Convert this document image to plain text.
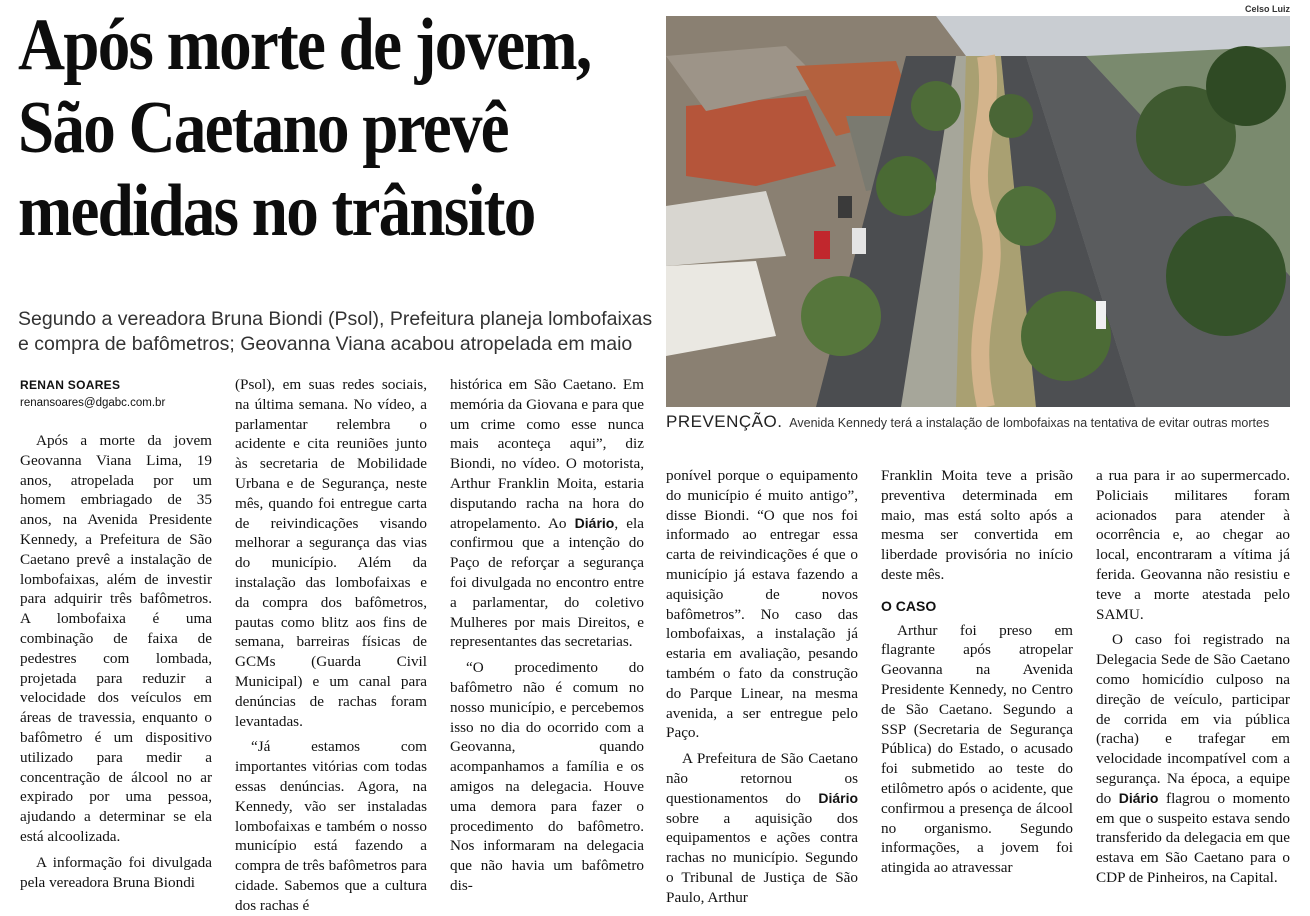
Após morte de jovem,
São Caetano prevê
medidas no trânsito
Segundo a vereadora Bruna Biondi (Psol), Prefeitura planeja lombofaixas
e compra de bafômetros; Geovanna Viana acabou atropelada em maio
RENAN SOARES
renansoares@dgabc.com.br
Celso Luiz
PREVENÇÃO. Avenida Kennedy terá a instalação de lombofaixas na tentativa de evitar outras mortes

Após a morte da jovem Geovanna Viana Lima, 19 anos, atropelada por um homem embriagado de 35 anos, na Avenida Presidente Kennedy, a Prefeitura de São Caetano prevê a instalação de lombofaixas, além de investir para adquirir três bafômetros. A lombofaixa é uma combinação de faixa de pedestres com lombada, projetada para reduzir a velocidade dos veículos em áreas de travessia, enquanto o bafômetro é um dispositivo utilizado para medir a concentração de álcool no ar expirado por uma pessoa, ajudando a determinar se ela está alcoolizada.

A informação foi divulgada pela vereadora Bruna Biondi

(Psol), em suas redes sociais, na última semana. No vídeo, a parlamentar relembra o acidente e cita reuniões junto às secretaria de Mobilidade Urbana e de Segurança, neste mês, quando foi entregue carta de reivindicações visando melhorar a segurança das vias do município. Além da instalação das lombofaixas e da compra dos bafômetros, pautas como blitz aos fins de semana, barreiras físicas de GCMs (Guarda Civil Municipal) e um canal para denúncias de rachas foram levantadas.

“Já estamos com importantes vitórias com todas essas denúncias. Agora, na Kennedy, vão ser instaladas lombofaixas e também o nosso município está fazendo a compra de três bafômetros para cidade. Sabemos que a cultura dos rachas é

histórica em São Caetano. Em memória da Giovana e para que um crime como esse nunca mais aconteça aqui”, diz Biondi, no vídeo. O motorista, Arthur Franklin Moita, estaria disputando racha na hora do atropelamento. Ao Diário, ela confirmou que a intenção do Paço de reforçar a segurança foi divulgada no encontro entre a parlamentar, do coletivo Mulheres por mais Direitos, e representantes das secretarias.

“O procedimento do bafômetro não é comum no nosso município, e percebemos isso no dia do ocorrido com a Geovanna, quando acompanhamos a família e os amigos na delegacia. Houve uma demora para fazer o procedimento do bafômetro. Nos informaram na delegacia que não havia um bafômetro dis-

ponível porque o equipamento do município é muito antigo”, disse Biondi. “O que nos foi informado ao entregar essa carta de reivindicações é que o município já estava fazendo a aquisição de novos bafômetros”. No caso das lombofaixas, a instalação já estaria em avaliação, pesando também o fato da construção do Parque Linear, na mesma avenida, a ser entregue pelo Paço.

A Prefeitura de São Caetano não retornou os questionamentos do Diário sobre a aquisição dos equipamentos e ações contra rachas no município. Segundo o Tribunal de Justiça de São Paulo, Arthur

Franklin Moita teve a prisão preventiva determinada em maio, mas está solto após a mesma ser convertida em liberdade provisória no início deste mês.

O CASO

Arthur foi preso em flagrante após atropelar Geovanna na Avenida Presidente Kennedy, no Centro de São Caetano. Segundo a SSP (Secretaria de Segurança Pública) do Estado, o acusado foi submetido ao teste do etilômetro após o acidente, que confirmou a presença de álcool no organismo. Segundo informações, a jovem foi atingida ao atravessar

a rua para ir ao supermercado. Policiais militares foram acionados para atender à ocorrência e, ao chegar ao local, encontraram a vítima já ferida. Geovanna não resistiu e teve a morte atestada pelo SAMU.

O caso foi registrado na Delegacia Sede de São Caetano como homicídio culposo na direção de veículo, participar de corrida em via pública (racha) e trafegar em velocidade incompatível com a segurança. Na época, a equipe do Diário flagrou o momento em que o suspeito estava sendo transferido da delegacia em que estava em São Caetano para o CDP de Pinheiros, na Capital.
